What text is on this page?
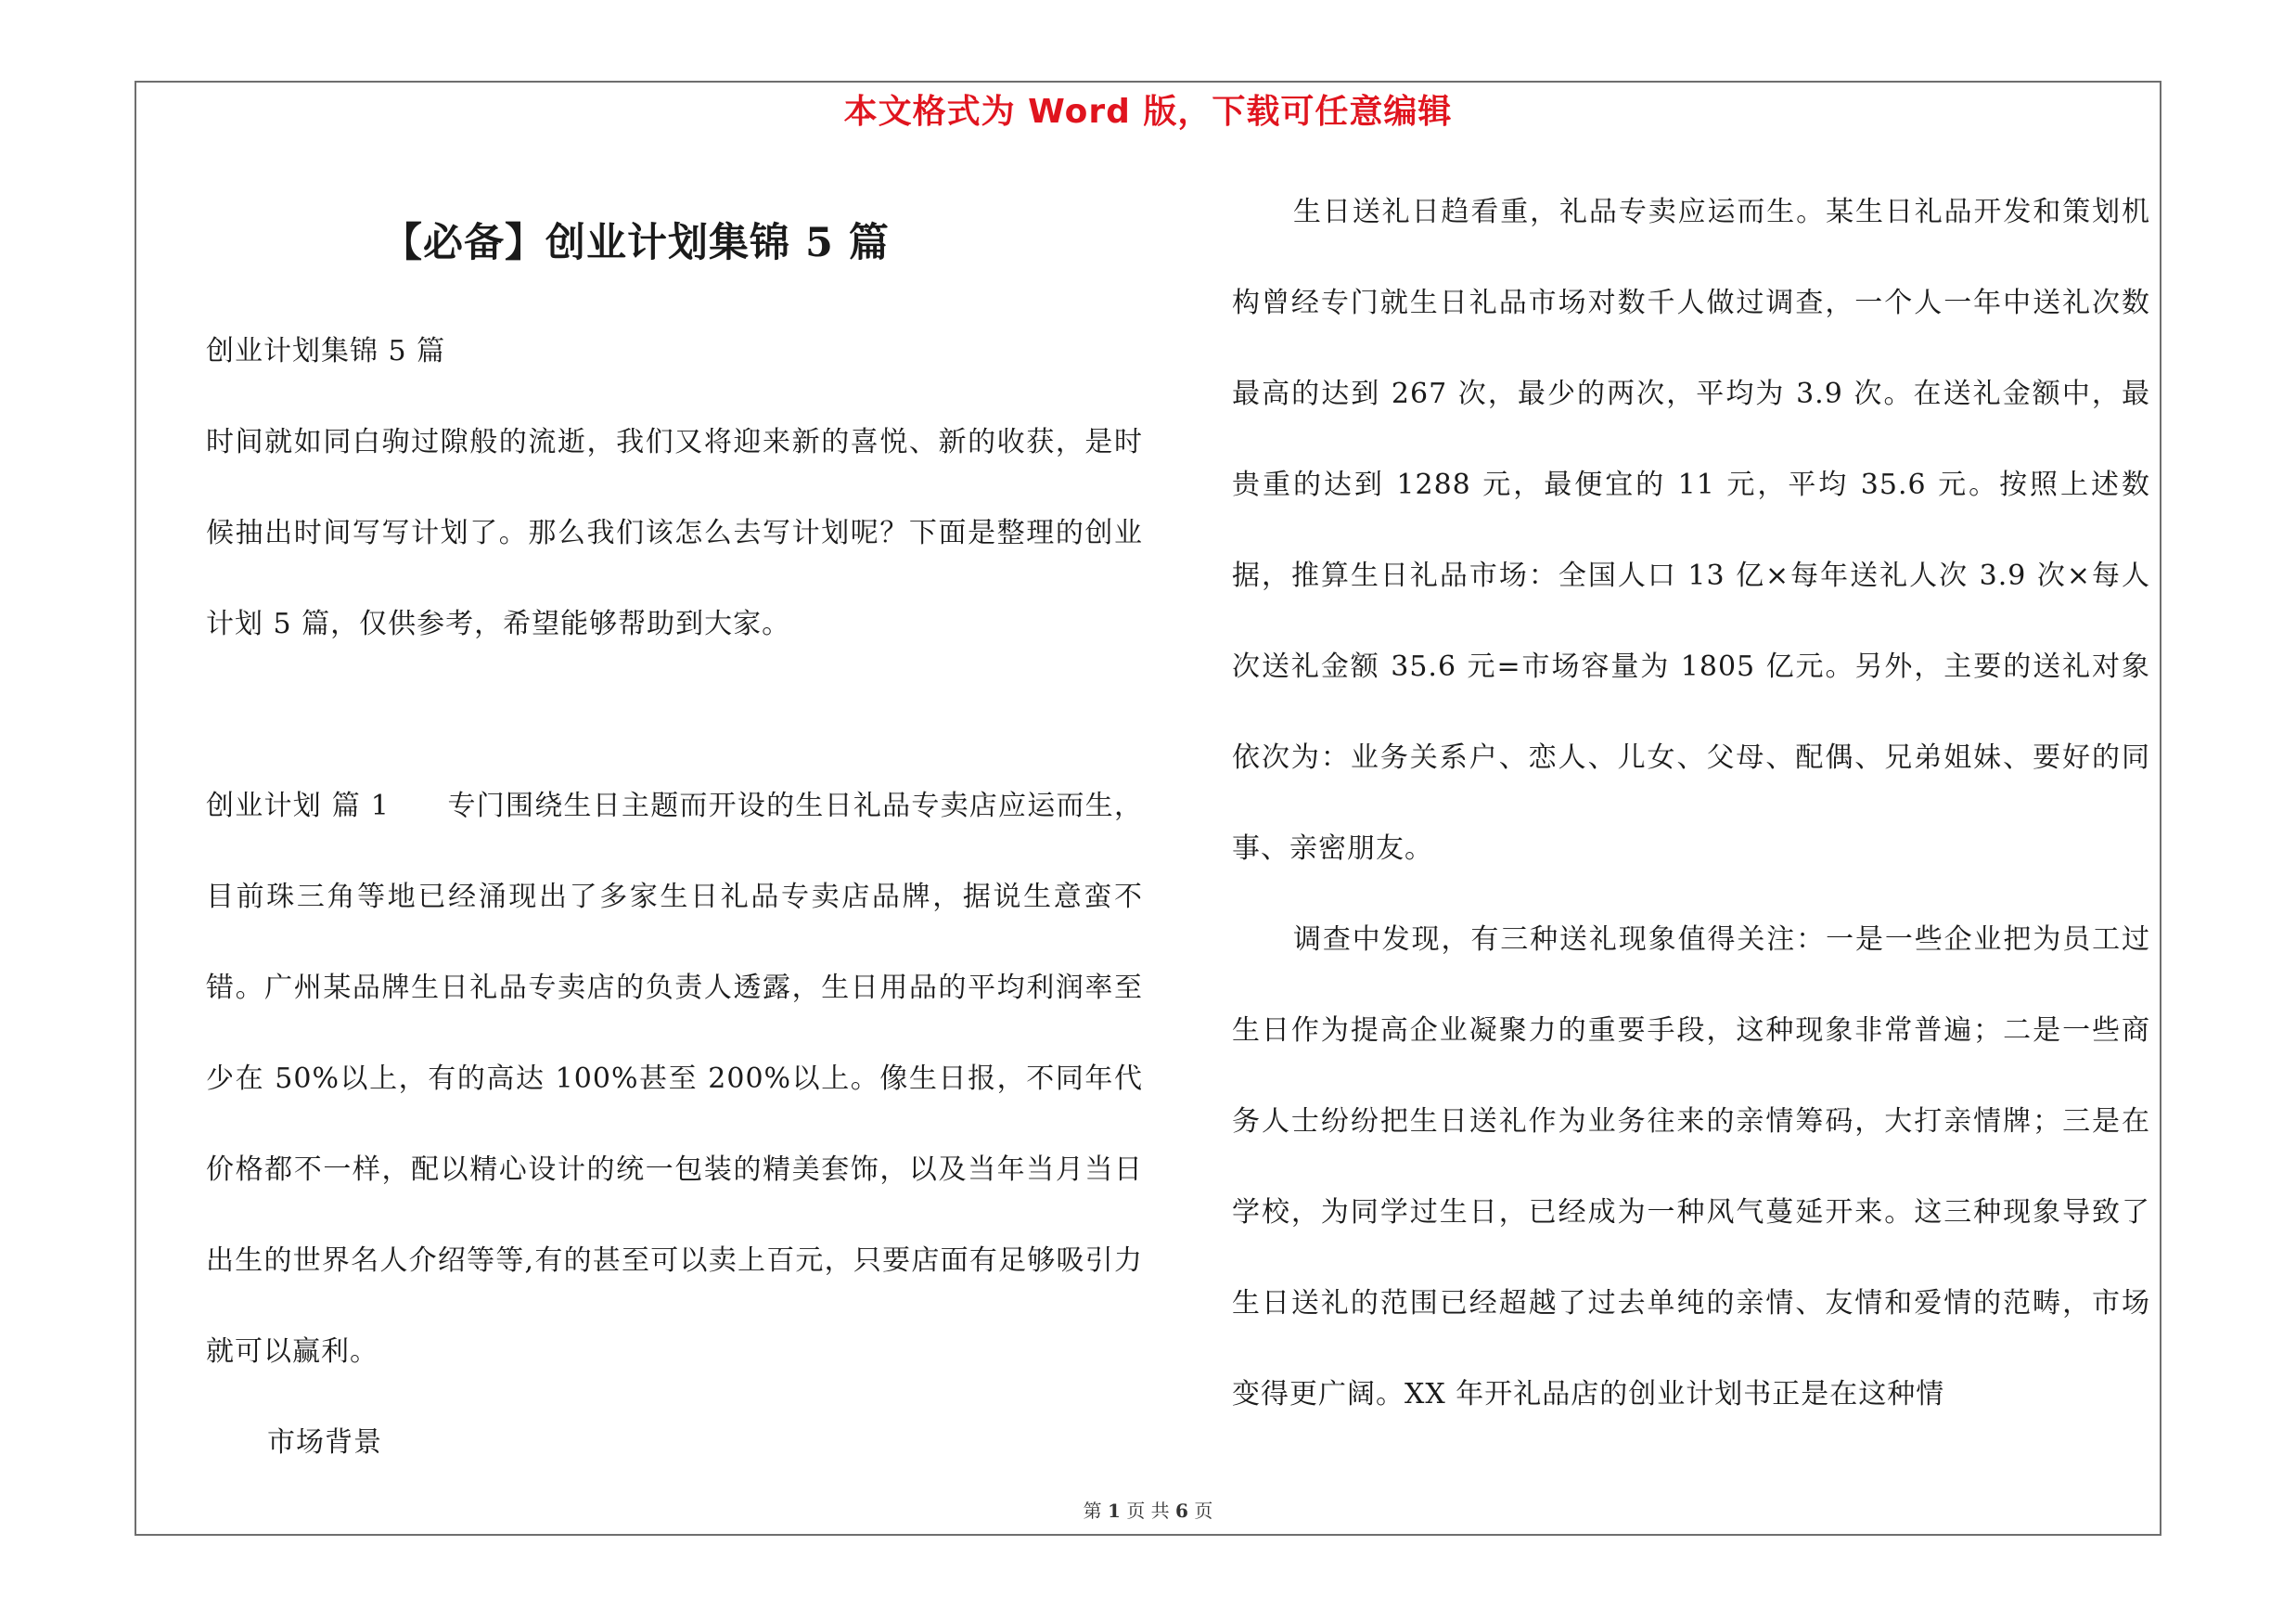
本文格式为 Word 版，下载可任意编辑
【必备】创业计划集锦 5 篇

创业计划集锦 5 篇

时间就如同白驹过隙般的流逝，我们又将迎来新的喜悦、新的收获，是时候抽出时间写写计划了。那么我们该怎么去写计划呢？下面是整理的创业计划 5 篇，仅供参考，希望能够帮助到大家。

创业计划 篇 1　　专门围绕生日主题而开设的生日礼品专卖店应运而生，目前珠三角等地已经涌现出了多家生日礼品专卖店品牌，据说生意蛮不错。广州某品牌生日礼品专卖店的负责人透露，生日用品的平均利润率至少在 50%以上，有的高达 100%甚至 200%以上。像生日报，不同年代价格都不一样，配以精心设计的统一包装的精美套饰，以及当年当月当日出生的世界名人介绍等等,有的甚至可以卖上百元，只要店面有足够吸引力就可以赢利。

市场背景

生日送礼日趋看重，礼品专卖应运而生。某生日礼品开发和策划机构曾经专门就生日礼品市场对数千人做过调查，一个人一年中送礼次数最高的达到 267 次，最少的两次，平均为 3.9 次。在送礼金额中，最贵重的达到 1288 元，最便宜的 11 元，平均 35.6 元。按照上述数据，推算生日礼品市场：全国人口 13 亿×每年送礼人次 3.9 次×每人次送礼金额 35.6 元=市场容量为 1805 亿元。另外，主要的送礼对象依次为：业务关系户、恋人、儿女、父母、配偶、兄弟姐妹、要好的同事、亲密朋友。

调查中发现，有三种送礼现象值得关注：一是一些企业把为员工过生日作为提高企业凝聚力的重要手段，这种现象非常普遍；二是一些商务人士纷纷把生日送礼作为业务往来的亲情筹码，大打亲情牌；三是在学校，为同学过生日，已经成为一种风气蔓延开来。这三种现象导致了生日送礼的范围已经超越了过去单纯的亲情、友情和爱情的范畴，市场变得更广阔。XX 年开礼品店的创业计划书正是在这种情

第 1 页 共 6 页
